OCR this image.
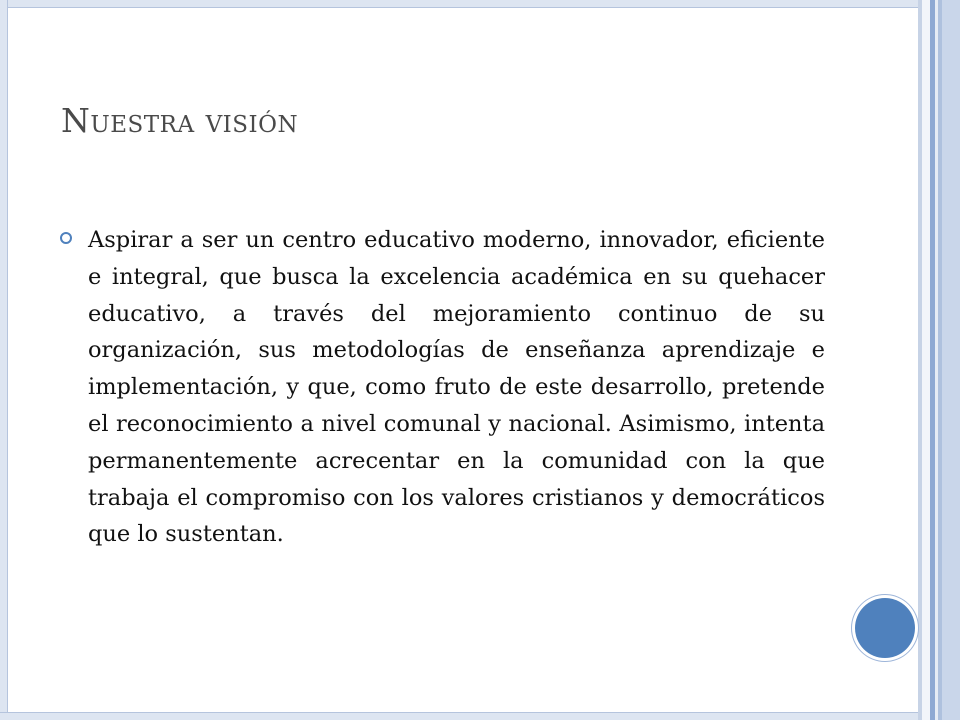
Nuestra visión

Aspirar a ser un centro educativo moderno, innovador, eficiente e integral, que busca la excelencia académica en su quehacer educativo, a través del mejoramiento continuo de su organización, sus metodologías de enseñanza aprendizaje e implementación, y que, como fruto de este desarrollo, pretende el reconocimiento a nivel comunal y nacional. Asimismo, intenta permanentemente acrecentar en la comunidad con la que trabaja el compromiso con los valores cristianos y democráticos que lo sustentan.
